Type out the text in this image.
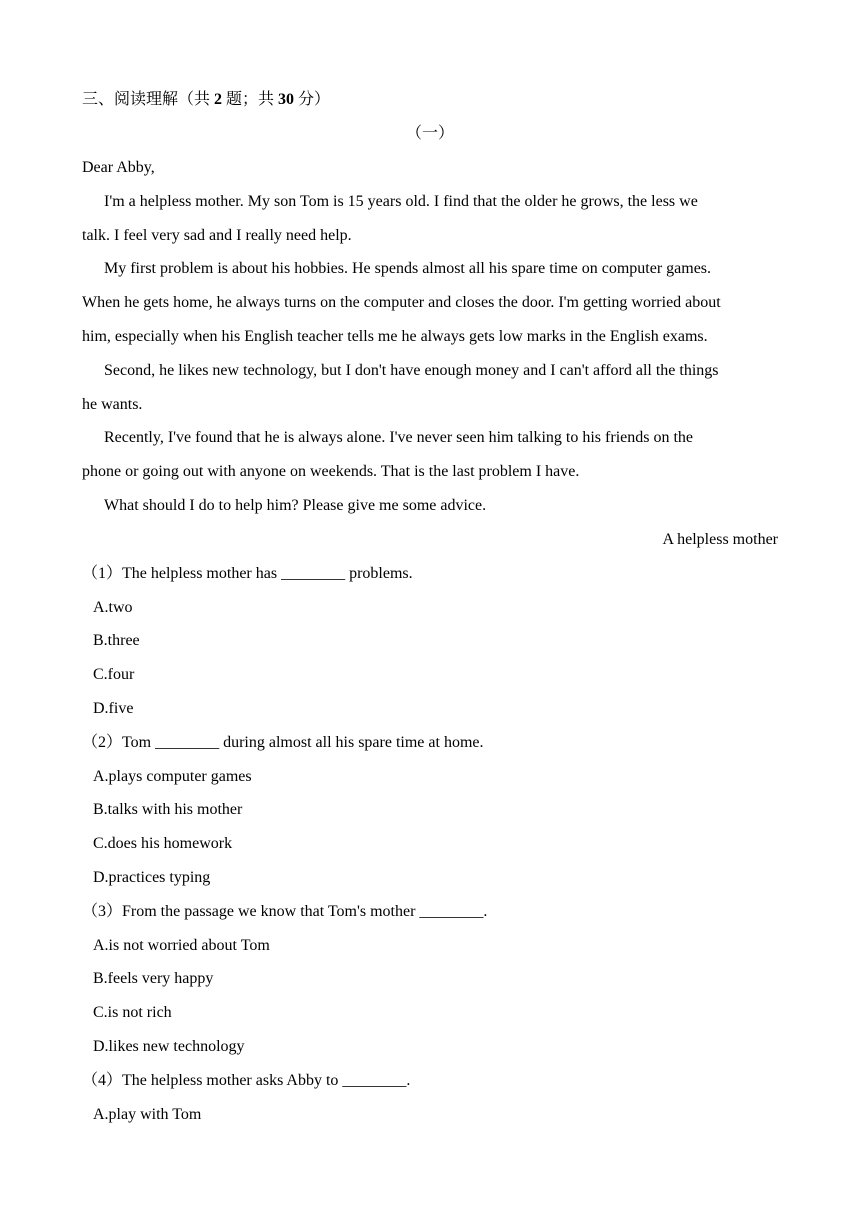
三、阅读理解（共 2 题；共 30 分）
（一）
Dear Abby,
I'm a helpless mother. My son Tom is 15 years old. I find that the older he grows, the less we
talk. I feel very sad and I really need help.
My first problem is about his hobbies. He spends almost all his spare time on computer games.
When he gets home, he always turns on the computer and closes the door. I'm getting worried about
him, especially when his English teacher tells me he always gets low marks in the English exams.
Second, he likes new technology, but I don't have enough money and I can't afford all the things
he wants.
Recently, I've found that he is always alone. I've never seen him talking to his friends on the
phone or going out with anyone on weekends. That is the last problem I have.
What should I do to help him? Please give me some advice.
A helpless mother
（1）The helpless mother has ________ problems.
A.two
B.three
C.four
D.five
（2）Tom ________ during almost all his spare time at home.
A.plays computer games
B.talks with his mother
C.does his homework
D.practices typing
（3）From the passage we know that Tom's mother ________.
A.is not worried about Tom
B.feels very happy
C.is not rich
D.likes new technology
（4）The helpless mother asks Abby to ________.
A.play with Tom
